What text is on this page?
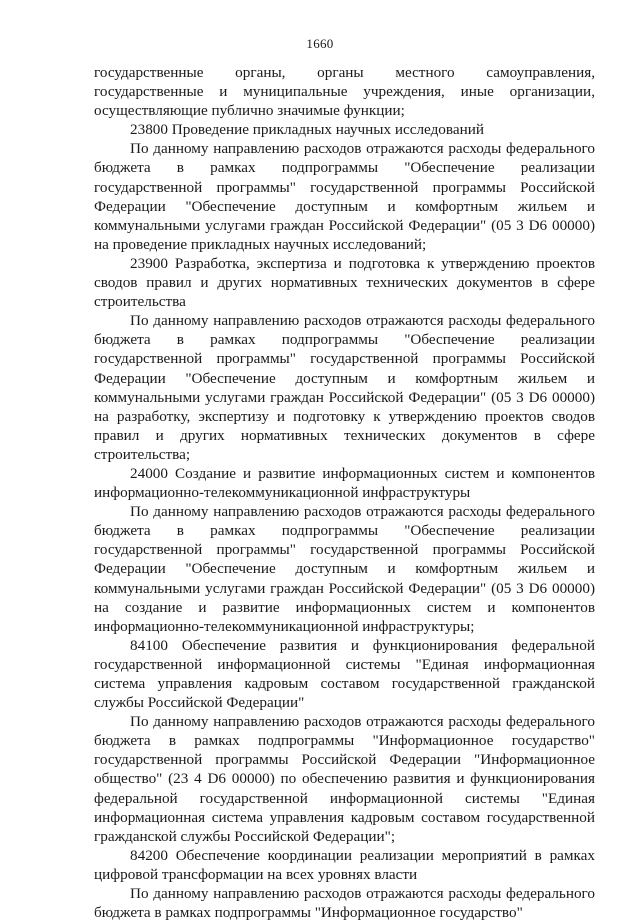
1660

государственные органы, органы местного самоуправления, государственные и муниципальные учреждения, иные организации, осуществляющие публично значимые функции;

23800 Проведение прикладных научных исследований

По данному направлению расходов отражаются расходы федерального бюджета в рамках подпрограммы "Обеспечение реализации государственной программы" государственной программы Российской Федерации "Обеспечение доступным и комфортным жильем и коммунальными услугами граждан Российской Федерации" (05 3 D6 00000) на проведение прикладных научных исследований;

23900 Разработка, экспертиза и подготовка к утверждению проектов сводов правил и других нормативных технических документов в сфере строительства

По данному направлению расходов отражаются расходы федерального бюджета в рамках подпрограммы "Обеспечение реализации государственной программы" государственной программы Российской Федерации "Обеспечение доступным и комфортным жильем и коммунальными услугами граждан Российской Федерации" (05 3 D6 00000) на разработку, экспертизу и подготовку к утверждению проектов сводов правил и других нормативных технических документов в сфере строительства;

24000 Создание и развитие информационных систем и компонентов информационно-телекоммуникационной инфраструктуры

По данному направлению расходов отражаются расходы федерального бюджета в рамках подпрограммы "Обеспечение реализации государственной программы" государственной программы Российской Федерации "Обеспечение доступным и комфортным жильем и коммунальными услугами граждан Российской Федерации" (05 3 D6 00000) на создание и развитие информационных систем и компонентов информационно-телекоммуникационной инфраструктуры;

84100 Обеспечение развития и функционирования федеральной государственной информационной системы "Единая информационная система управления кадровым составом государственной гражданской службы Российской Федерации"

По данному направлению расходов отражаются расходы федерального бюджета в рамках подпрограммы "Информационное государство" государственной программы Российской Федерации "Информационное общество" (23 4 D6 00000) по обеспечению развития и функционирования федеральной государственной информационной системы "Единая информационная система управления кадровым составом государственной гражданской службы Российской Федерации";

84200 Обеспечение координации реализации мероприятий в рамках цифровой трансформации на всех уровнях власти

По данному направлению расходов отражаются расходы федерального бюджета в рамках подпрограммы "Информационное государство"
